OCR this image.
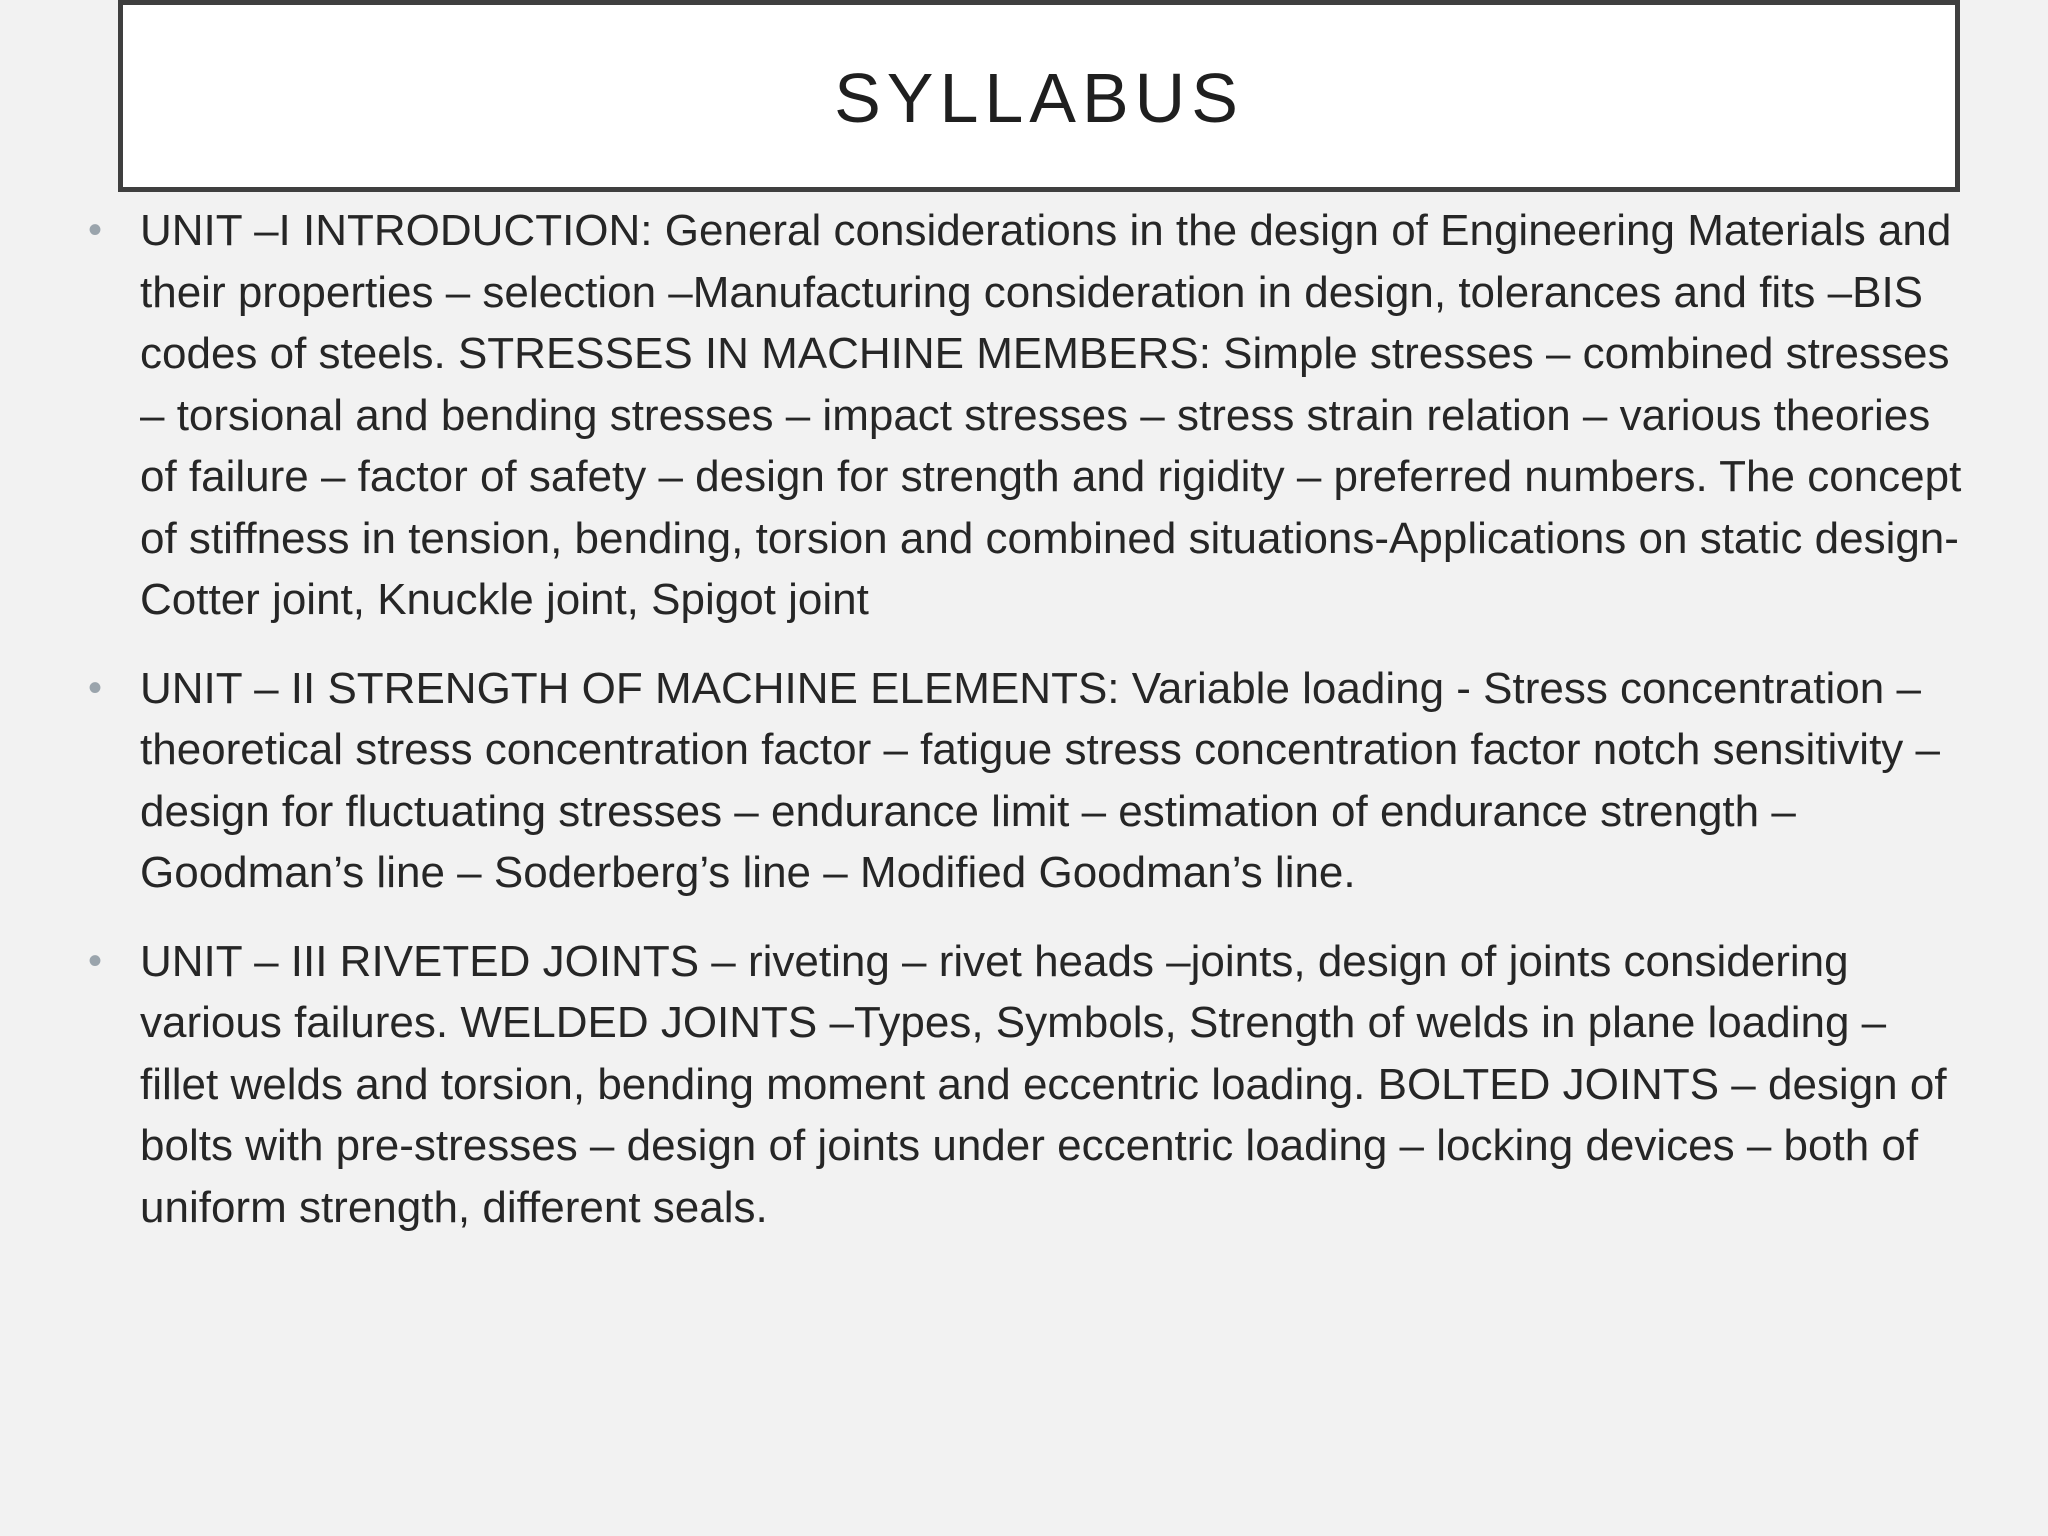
SYLLABUS
• UNIT –I INTRODUCTION: General considerations in the design of Engineering Materials and their properties – selection –Manufacturing consideration in design, tolerances and fits –BIS codes of steels. STRESSES IN MACHINE MEMBERS: Simple stresses – combined stresses – torsional and bending stresses – impact stresses – stress strain relation – various theories of failure – factor of safety – design for strength and rigidity – preferred numbers. The concept of stiffness in tension, bending, torsion and combined situations-Applications on static design-Cotter joint, Knuckle joint, Spigot joint
• UNIT – II STRENGTH OF MACHINE ELEMENTS: Variable loading - Stress concentration – theoretical stress concentration factor – fatigue stress concentration factor notch sensitivity – design for fluctuating stresses – endurance limit – estimation of endurance strength – Goodman’s line – Soderberg’s line – Modified Goodman’s line.
• UNIT – III RIVETED JOINTS – riveting – rivet heads –joints, design of joints considering various failures. WELDED JOINTS –Types, Symbols, Strength of welds in plane loading – fillet welds and torsion, bending moment and eccentric loading. BOLTED JOINTS – design of bolts with pre-stresses – design of joints under eccentric loading – locking devices – both of uniform strength, different seals.
